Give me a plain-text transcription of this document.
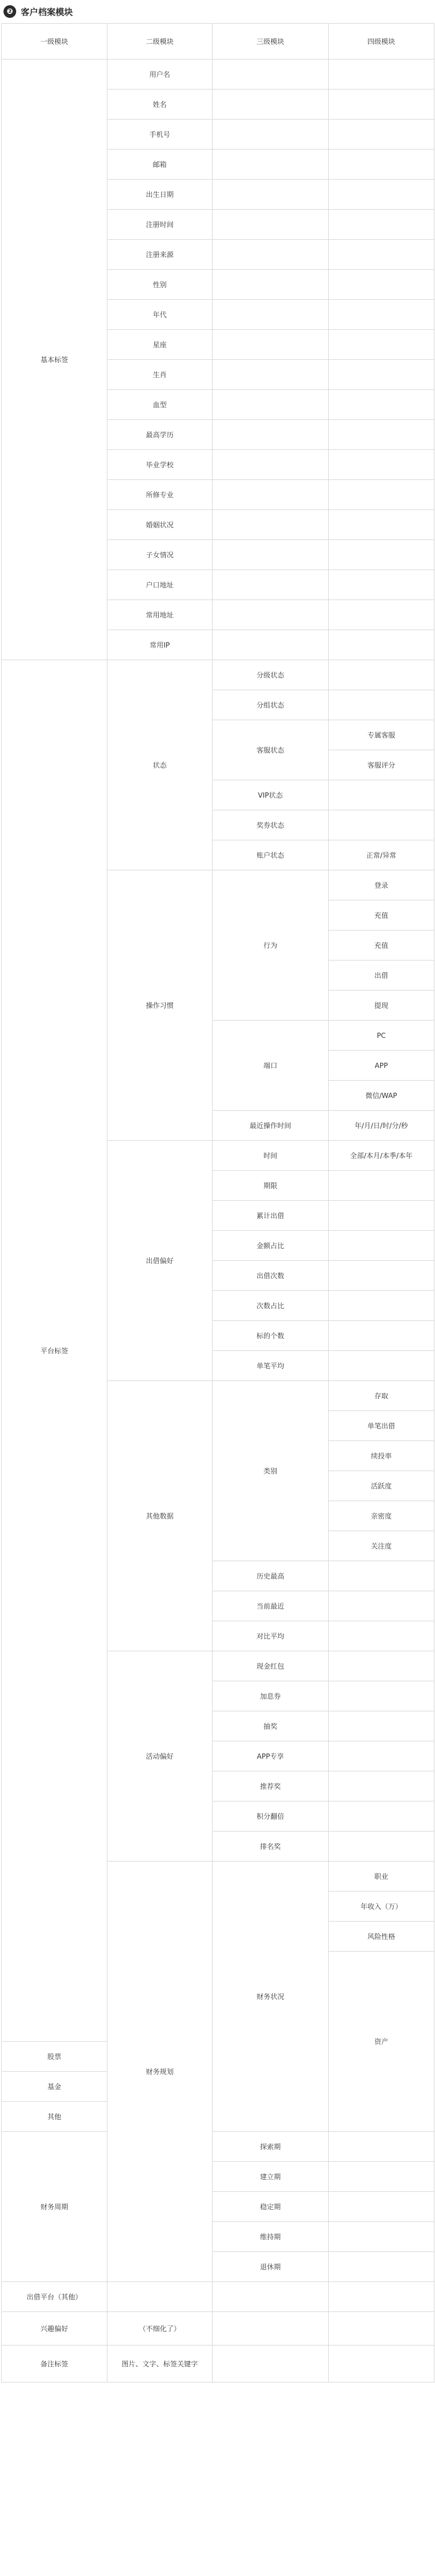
❷ 客户档案模块
一级模块	二级模块	三级模块	四级模块	
基本标签	用户名			
	姓名			
	手机号			
	邮箱			
	出生日期			
	注册时间			
	注册来源			
	性别			
	年代			
	星座			
	生肖			
	血型			
	最高学历			
	毕业学校			
	所修专业			
	婚姻状况			
	子女情况			
	户口地址			
	常用地址			
	常用IP			
平台标签	状态	分级状态		
		分组状态		
		客服状态	专属客服	
			客服评分	
		VIP状态		
		奖券状态		
		账户状态	正常/异常	
	操作习惯	行为	登录	
			充值	
			充值	
			出借	
			提现	
		端口	PC	
			APP	
			微信/WAP	
		最近操作时间	年/月/日/时/分/秒	
	出借偏好	时间	全部/本月/本季/本年	
		期限		
		累计出借		
		金额占比		
		出借次数		
		次数占比		
		标的个数		
		单笔平均		
	其他数据	类别	存取	
			单笔出借	
			续投率	
			活跃度	
			亲密度	
			关注度	
		历史最高		
		当前最近		
		对比平均		
	活动偏好	现金红包		
		加息券		
		抽奖		
		APP专享		
		推荐奖		
		积分翻倍		
		排名奖		
	财务规划	财务状况	职业	
			年收入（万）	
			风险性格	
			资产	

股票				
基金				
其他				
财务周期		探索期		
		建立期		
		稳定期		
		维持期		
		退休期		
出借平台（其他）				
兴趣偏好	（不细化了）			
备注标签	图片、文字、标签关键字			
